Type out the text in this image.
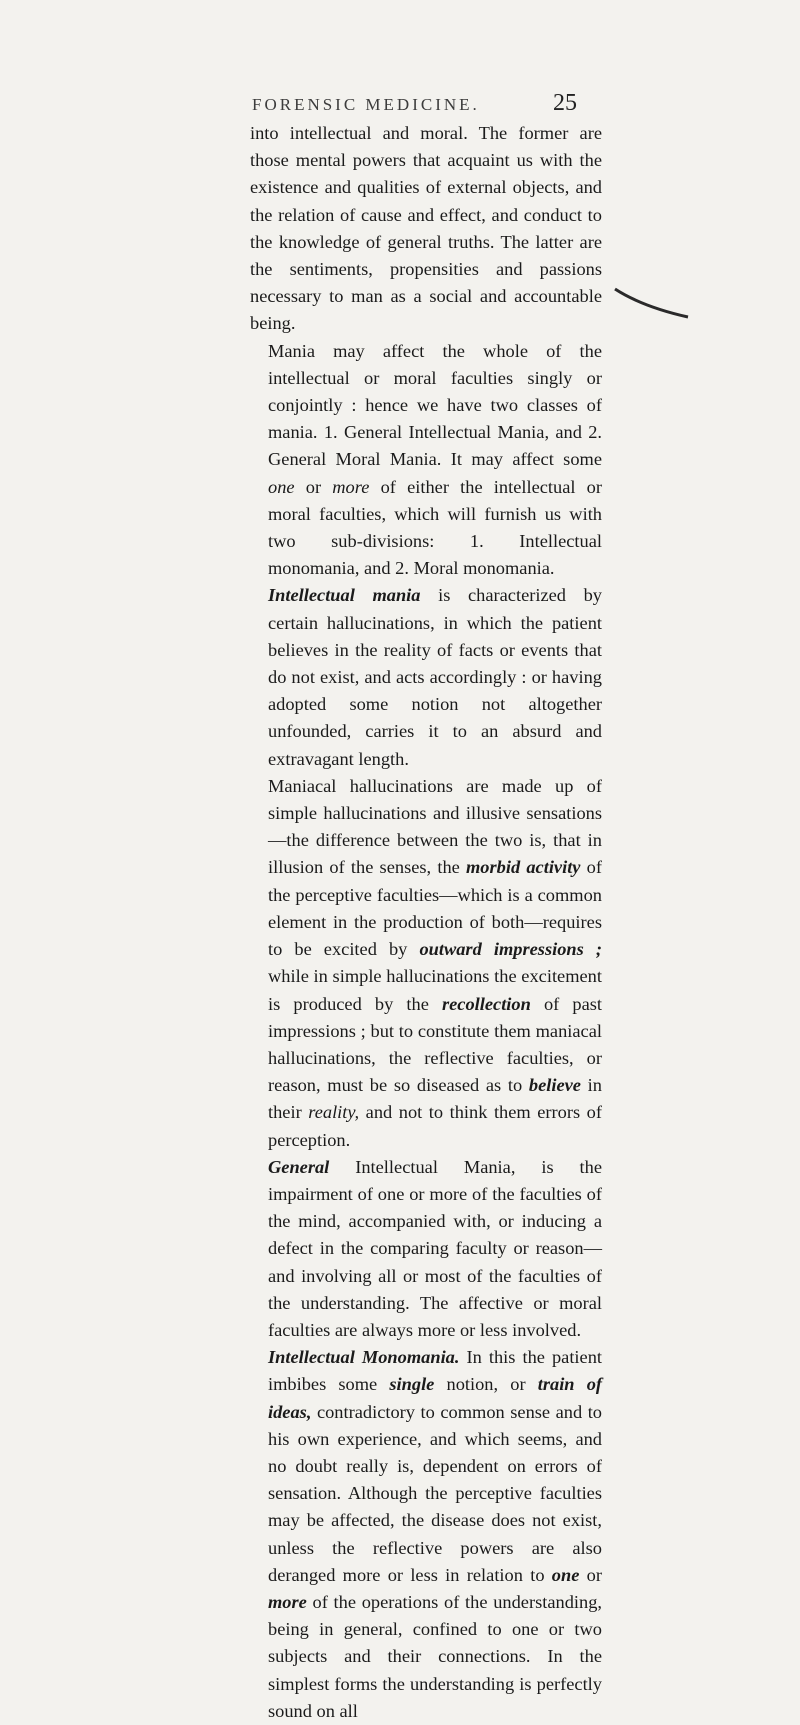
FORENSIC MEDICINE.	25

into intellectual and moral. The former are those mental powers that acquaint us with the existence and qualities of external objects, and the relation of cause and effect, and conduct to the knowledge of general truths. The latter are the sentiments, propensities and passions necessary to man as a social and accountable being.

Mania may affect the whole of the intellectual or moral faculties singly or conjointly : hence we have two classes of mania. 1. General Intellectual Mania, and 2. General Moral Mania. It may affect some one or more of either the intellectual or moral faculties, which will furnish us with two sub-divisions: 1. Intellectual monomania, and 2. Moral monomania.

Intellectual mania is characterized by certain hallucinations, in which the patient believes in the reality of facts or events that do not exist, and acts accordingly : or having adopted some notion not altogether unfounded, carries it to an absurd and extravagant length.

Maniacal hallucinations are made up of simple hallucinations and illusive sensations—the difference between the two is, that in illusion of the senses, the morbid activity of the perceptive faculties—which is a common element in the production of both—requires to be excited by outward impressions ; while in simple hallucinations the excitement is produced by the recollection of past impressions ; but to constitute them maniacal hallucinations, the reflective faculties, or reason, must be so diseased as to believe in their reality, and not to think them errors of perception.

General Intellectual Mania, is the impairment of one or more of the faculties of the mind, accompanied with, or inducing a defect in the comparing faculty or reason—and involving all or most of the faculties of the understanding. The affective or moral faculties are always more or less involved.

Intellectual Monomania. In this the patient imbibes some single notion, or train of ideas, contradictory to common sense and to his own experience, and which seems, and no doubt really is, dependent on errors of sensation. Although the perceptive faculties may be affected, the disease does not exist, unless the reflective powers are also deranged more or less in relation to one or more of the operations of the understanding, being in general, confined to one or two subjects and their connections. In the simplest forms the understanding is perfectly sound on all
